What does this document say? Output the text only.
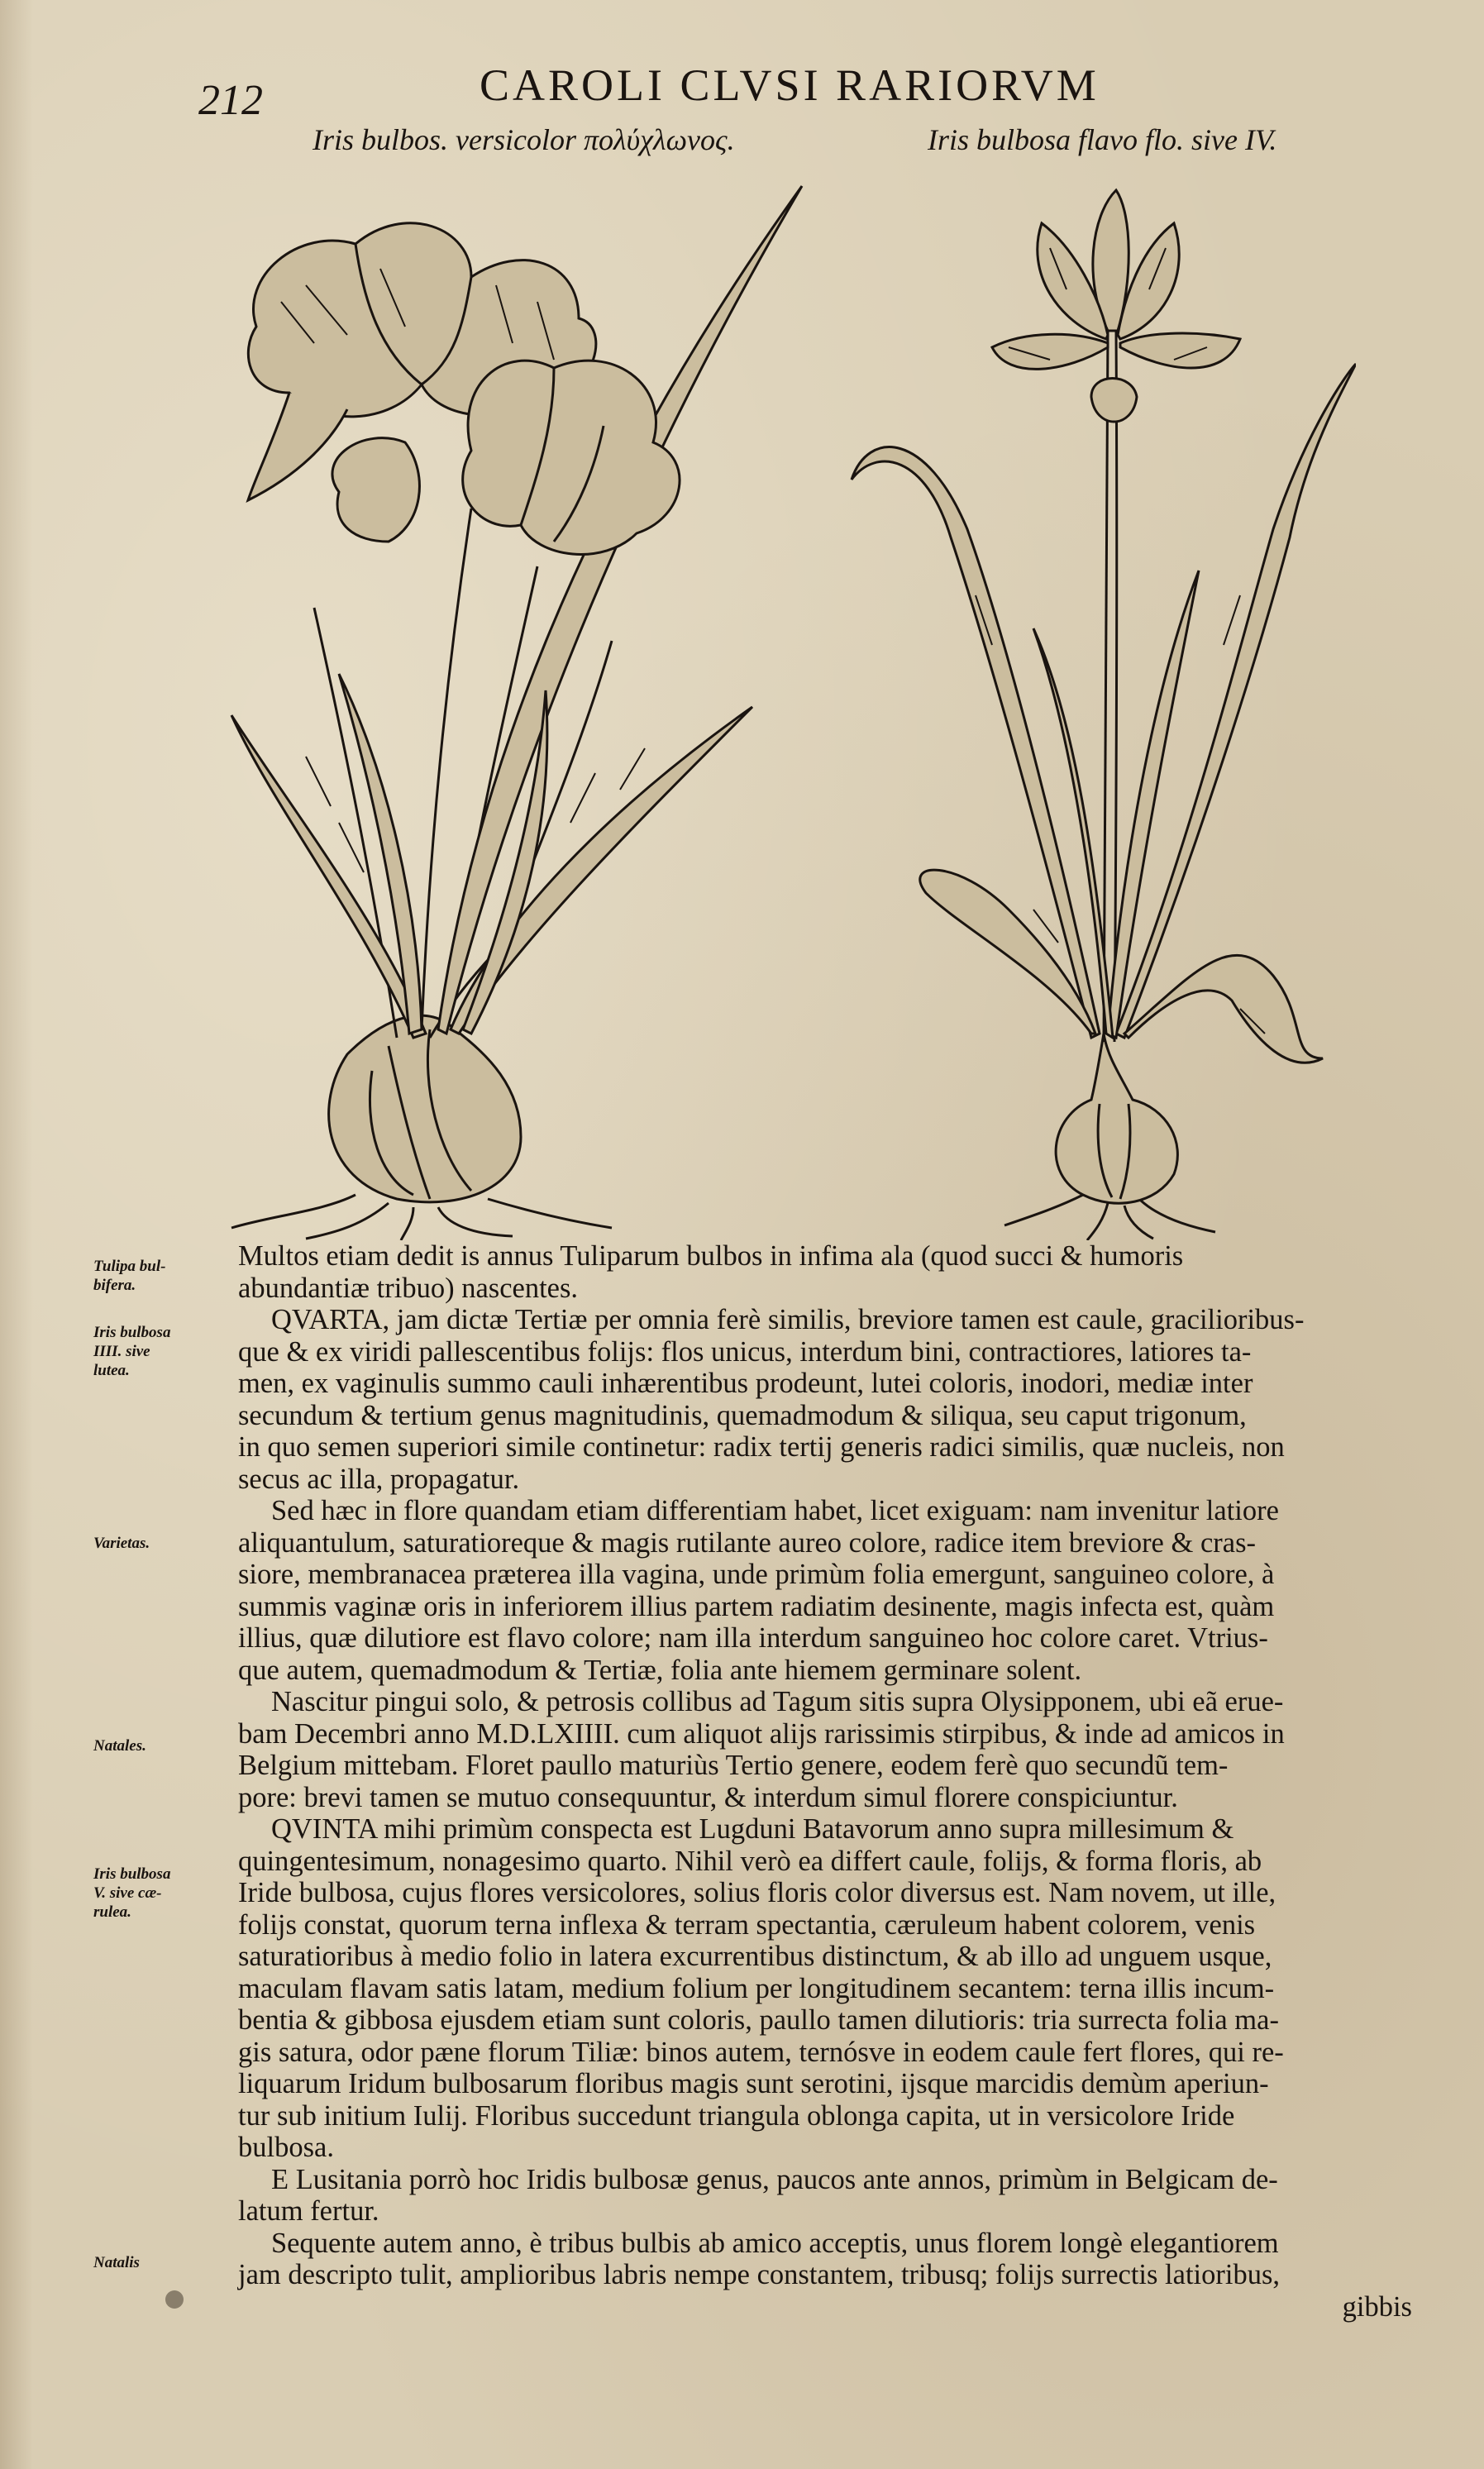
212	CAROLI CLVSI RARIORVM
Iris bulbos. versicolor πολύχλωνος.	Iris bulbosa flavo flo. sive IV.
Tulipa bul-
bifera.
Iris bulbosa
IIII. sive
lutea.
Varietas.
Natales.
Iris bulbosa
V. sive cæ-
rulea.
Natalis

Multos etiam dedit is annus Tuliparum bulbos in infima ala (quod succi & humoris
abundantiæ tribuo) nascentes.

QVARTA, jam dictæ Tertiæ per omnia ferè similis, breviore tamen est caule, gracilioribus-
que & ex viridi pallescentibus folijs: flos unicus, interdum bini, contractiores, latiores ta-
men, ex vaginulis summo cauli inhærentibus prodeunt, lutei coloris, inodori, mediæ inter
secundum & tertium genus magnitudinis, quemadmodum & siliqua, seu caput trigonum,
in quo semen superiori simile continetur: radix tertij generis radici similis, quæ nucleis, non
secus ac illa, propagatur.

Sed hæc in flore quandam etiam differentiam habet, licet exiguam: nam invenitur latiore
aliquantulum, saturatioreque & magis rutilante aureo colore, radice item breviore & cras-
siore, membranacea præterea illa vagina, unde primùm folia emergunt, sanguineo colore, à
summis vaginæ oris in inferiorem illius partem radiatim desinente, magis infecta est, quàm
illius, quæ dilutiore est flavo colore; nam illa interdum sanguineo hoc colore caret. Vtrius-
que autem, quemadmodum & Tertiæ, folia ante hiemem germinare solent.

Nascitur pingui solo, & petrosis collibus ad Tagum sitis supra Olysipponem, ubi eã erue-
bam Decembri anno M.D.LXIIII. cum aliquot alijs rarissimis stirpibus, & inde ad amicos in
Belgium mittebam. Floret paullo maturiùs Tertio genere, eodem ferè quo secundũ tem-
pore: brevi tamen se mutuo consequuntur, & interdum simul florere conspiciuntur.

QVINTA mihi primùm conspecta est Lugduni Batavorum anno supra millesimum &
quingentesimum, nonagesimo quarto. Nihil verò ea differt caule, folijs, & forma floris, ab
Iride bulbosa, cujus flores versicolores, solius floris color diversus est. Nam novem, ut ille,
folijs constat, quorum terna inflexa & terram spectantia, cæruleum habent colorem, venis
saturatioribus à medio folio in latera excurrentibus distinctum, & ab illo ad unguem usque,
maculam flavam satis latam, medium folium per longitudinem secantem: terna illis incum-
bentia & gibbosa ejusdem etiam sunt coloris, paullo tamen dilutioris: tria surrecta folia ma-
gis satura, odor pæne florum Tiliæ: binos autem, ternósve in eodem caule fert flores, qui re-
liquarum Iridum bulbosarum floribus magis sunt serotini, ijsque marcidis demùm aperiun-
tur sub initium Iulij. Floribus succedunt triangula oblonga capita, ut in versicolore Iride
bulbosa.

E Lusitania porrò hoc Iridis bulbosæ genus, paucos ante annos, primùm in Belgicam de-
latum fertur.

Sequente autem anno, è tribus bulbis ab amico acceptis, unus florem longè elegantiorem
jam descripto tulit, amplioribus labris nempe constantem, tribusq; folijs surrectis latioribus,

gibbis
